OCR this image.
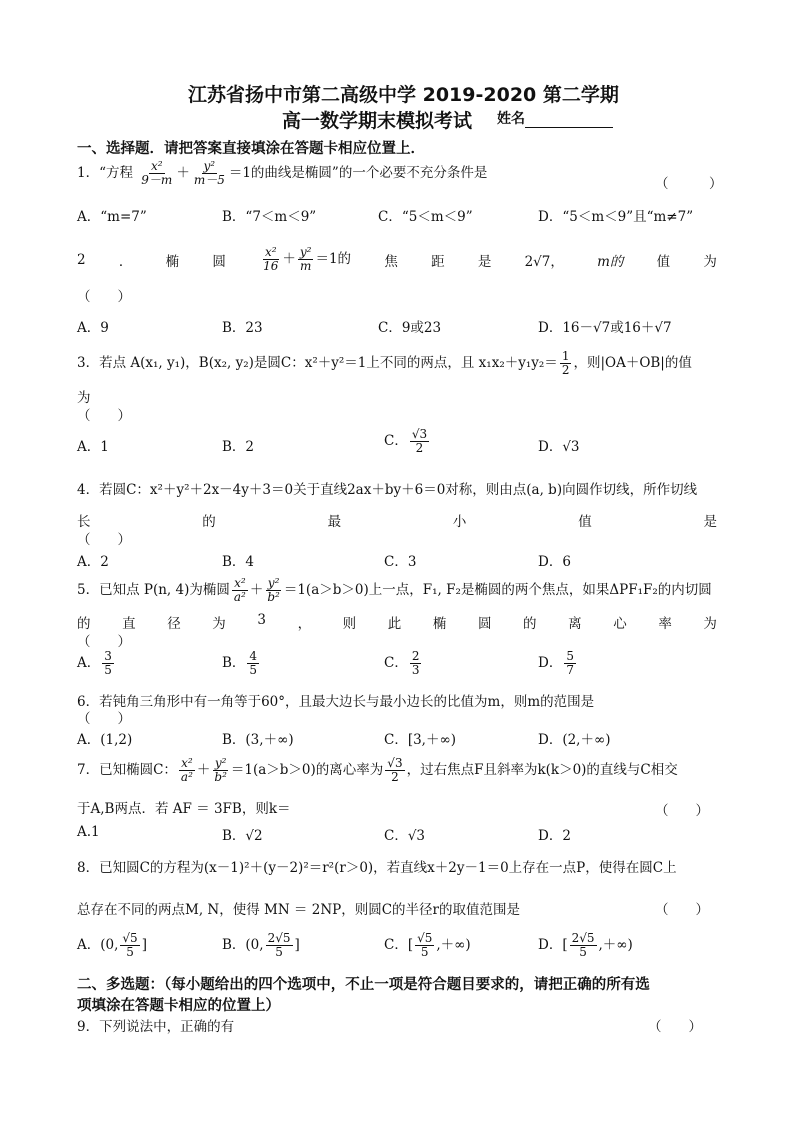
江苏省扬中市第二高级中学 2019-2020 第二学期
高一数学期末模拟考试 姓名
一、选择题．请把答案直接填涂在答题卡相应位置上．
1．“方程 $\frac{\text{x²}}{9-m} + \frac{\text{y²}}{m-5} =1$的曲线是椭圆”的一个必要不充分条件是
（　　　）
A．“m=7”	B．“7＜m＜9”	C．“5＜m＜9”	D．“5＜m＜9”且“m≠7”
2 ． 椭 圆	$\frac{\text{x²}}{16} + \frac{\text{y²}}{m} =1$的 焦 距 是 2√7， m的 值 为
（　　）
A．9	B．23	C．9或23	D．16－√7或16＋√7
3．若点 A(x₁, y₁)，B(x₂, y₂)是圆C：x²＋y²＝1上不同的两点，且 $x_1x_2+y_1y_2= \frac{1}{2}$ ，则|OA＋OB|的值
为
（　　）
A．1	B．2	C． $\frac{√3}{2}$	D．√3
4．若圆C：x²＋y²＋2x－4y＋3＝0关于直线2ax＋by＋6＝0对称，则由点(a, b)向圆作切线，所作切线
长	的	最	小	值	是
（　　）
A．2	B．4	C．3	D．6
5．已知点 P(n, 4)为椭圆 $\frac{\text{x²}}{\text{a²}} + \frac{\text{y²}}{\text{b²}} =1(a>b>0)$上一点，F₁, F₂是椭圆的两个焦点，如果ΔPF₁F₂的内切圆
的 直 径 为 3 ， 则 此 椭 圆 的 离 心 率 为
（　　）
A． $\frac{3}{5}$	B． $\frac{4}{5}$	C． $\frac{2}{3}$	D． $\frac{5}{7}$
6．若钝角三角形中有一角等于60°，且最大边长与最小边长的比值为m，则m的范围是
（　　）
A．(1,2)	B．(3,＋∞)	C．[3,＋∞)	D．(2,＋∞)
7．已知椭圆C： $\frac{\text{x²}}{\text{a²}} + \frac{\text{y²}}{\text{b²}} =1(a>b>0)$的离心率为 $\frac{√3}{2}$ ，过右焦点F且斜率为k(k＞0)的直线与C相交
于A,B两点．若 AF ＝ 3FB，则k＝	（　　）
A.1	B．√2	C．√3	D．2
8．已知圆C的方程为(x－1)²＋(y－2)²＝r²(r＞0)，若直线x＋2y－1＝0上存在一点P，使得在圆C上
总存在不同的两点M, N，使得 MN ＝ 2NP，则圆C的半径r的取值范围是	（　　）
A．(0, $\frac{√5}{5}$ ]	B．(0, $\frac{2√5}{5}$ ]	C．[ $\frac{√5}{5}$ ,＋∞)	D．[ $\frac{2√5}{5}$ ,＋∞)
二、多选题：（每小题给出的四个选项中，不止一项是符合题目要求的，请把正确的所有选
项填涂在答题卡相应的位置上）
9．下列说法中，正确的有	（　　）
